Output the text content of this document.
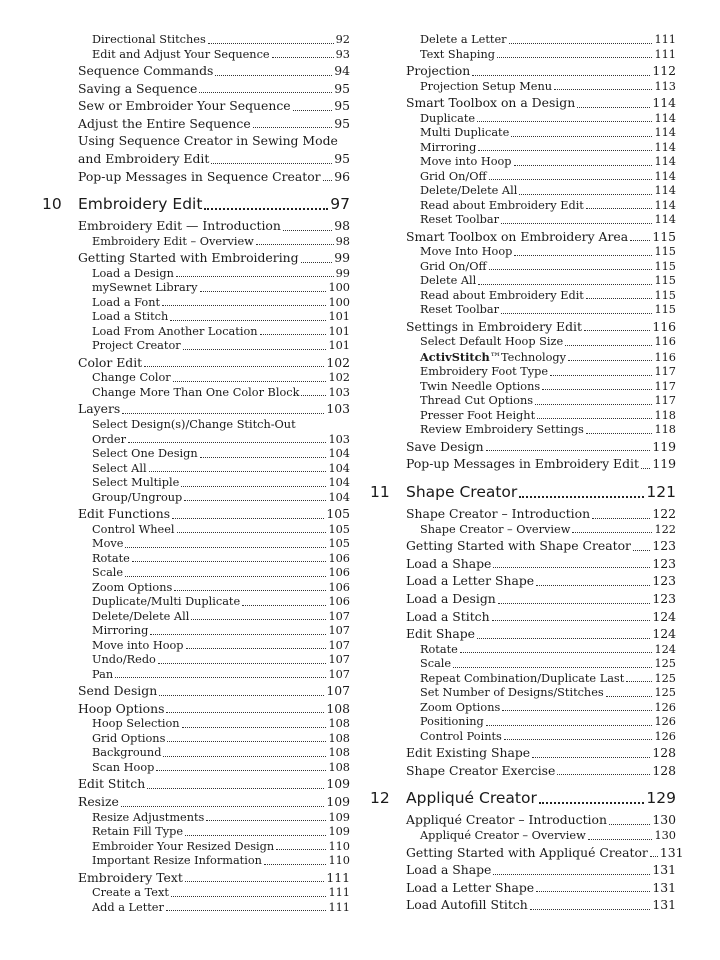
Directional Stitches	92
Edit and Adjust Your Sequence	93
Sequence Commands	94
Saving a Sequence	95
Sew or Embroider Your Sequence	95
Adjust the Entire Sequence	95
Using Sequence Creator in Sewing Mode
and Embroidery Edit	95
Pop-up Messages in Sequence Creator 96
10 Embroidery Edit	97
Embroidery Edit — Introduction	98
Embroidery Edit – Overview	98
Getting Started with Embroidering	99
Load a Design	99
mySewnet Library	100
Load a Font	100
Load a Stitch	101
Load From Another Location	101
Project Creator	101
Color Edit	102
Change Color	102
Change More Than One Color Block	103
Layers	103
Select Design(s)/Change Stitch-Out
Order	103
Select One Design	104
Select All	104
Select Multiple	104
Group/Ungroup	104
Edit Functions	105
Control Wheel	105
Move	105
Rotate	106
Scale	106
Zoom Options	106
Duplicate/Multi Duplicate	106
Delete/Delete All	107
Mirroring	107
Move into Hoop	107
Undo/Redo	107
Pan	107
Send Design	107
Hoop Options	108
Hoop Selection	108
Grid Options	108
Background	108
Scan Hoop	108
Edit Stitch	109
Resize	109
Resize Adjustments	109
Retain Fill Type	109
Embroider Your Resized Design	110
Important Resize Information	110
Embroidery Text	111
Create a Text	111
Add a Letter	111
Delete a Letter	111
Text Shaping	111
Projection	112
Projection Setup Menu	113
Smart Toolbox on a Design	114
Duplicate	114
Multi Duplicate	114
Mirroring	114
Move into Hoop	114
Grid On/Off	114
Delete/Delete All	114
Read about Embroidery Edit	114
Reset Toolbar	114
Smart Toolbox on Embroidery Area 115
Move Into Hoop	115
Grid On/Off	115
Delete All	115
Read about Embroidery Edit	115
Reset Toolbar	115
Settings in Embroidery Edit	116
Select Default Hoop Size	116
ActivStitch™Technology	116
Embroidery Foot Type	117
Twin Needle Options	117
Thread Cut Options	117
Presser Foot Height	118
Review Embroidery Settings	118
Save Design	119
Pop-up Messages in Embroidery Edit 119
11 Shape Creator	121
Shape Creator – Introduction	122
Shape Creator – Overview	122
Getting Started with Shape Creator 123
Load a Shape	123
Load a Letter Shape	123
Load a Design	123
Load a Stitch	124
Edit Shape	124
Rotate	124
Scale	125
Repeat Combination/Duplicate Last	125
Set Number of Designs/Stitches	125
Zoom Options	126
Positioning	126
Control Points	126
Edit Existing Shape	128
Shape Creator Exercise	128
12 Appliqué Creator	129
Appliqué Creator – Introduction	130
Appliqué Creator – Overview	130
Getting Started with Appliqué Creator 131
Load a Shape	131
Load a Letter Shape	131
Load Autofill Stitch	131
